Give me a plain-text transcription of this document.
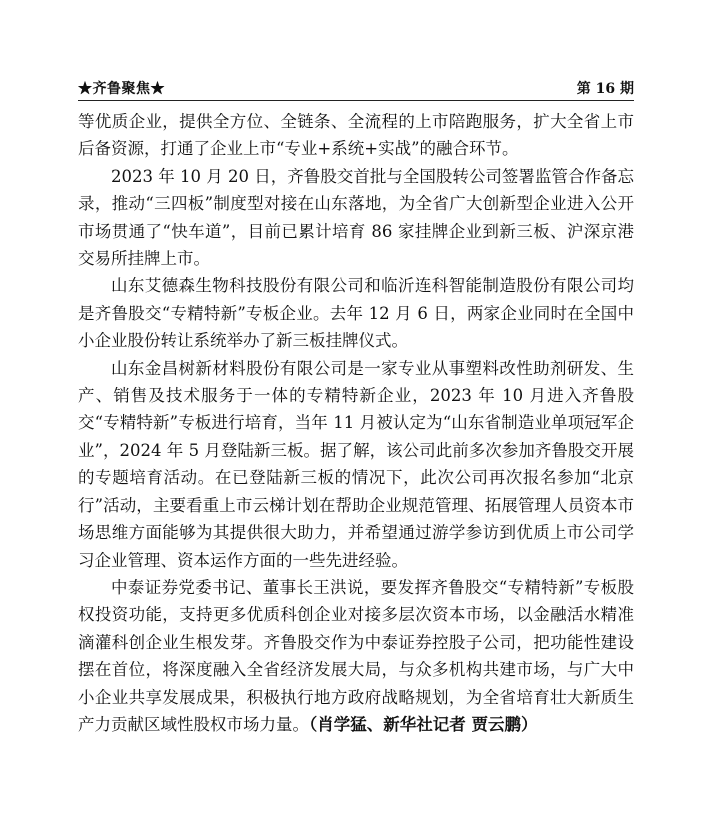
★齐鲁聚焦★	第 16 期

等优质企业，提供全方位、全链条、全流程的上市陪跑服务，扩大全省上市后备资源，打通了企业上市“专业+系统+实战”的融合环节。

2023 年 10 月 20 日，齐鲁股交首批与全国股转公司签署监管合作备忘录，推动“三四板”制度型对接在山东落地，为全省广大创新型企业进入公开市场贯通了“快车道”，目前已累计培育 86 家挂牌企业到新三板、沪深京港交易所挂牌上市。

山东艾德森生物科技股份有限公司和临沂连科智能制造股份有限公司均是齐鲁股交“专精特新”专板企业。去年 12 月 6 日，两家企业同时在全国中小企业股份转让系统举办了新三板挂牌仪式。

山东金昌树新材料股份有限公司是一家专业从事塑料改性助剂研发、生产、销售及技术服务于一体的专精特新企业，2023 年 10 月进入齐鲁股交“专精特新”专板进行培育，当年 11 月被认定为“山东省制造业单项冠军企业”，2024 年 5 月登陆新三板。据了解，该公司此前多次参加齐鲁股交开展的专题培育活动。在已登陆新三板的情况下，此次公司再次报名参加“北京行”活动，主要看重上市云梯计划在帮助企业规范管理、拓展管理人员资本市场思维方面能够为其提供很大助力，并希望通过游学参访到优质上市公司学习企业管理、资本运作方面的一些先进经验。

中泰证券党委书记、董事长王洪说，要发挥齐鲁股交“专精特新”专板股权投资功能，支持更多优质科创企业对接多层次资本市场，以金融活水精准滴灌科创企业生根发芽。齐鲁股交作为中泰证券控股子公司，把功能性建设摆在首位，将深度融入全省经济发展大局，与众多机构共建市场，与广大中小企业共享发展成果，积极执行地方政府战略规划，为全省培育壮大新质生产力贡献区域性股权市场力量。（肖学猛、新华社记者 贾云鹏）
